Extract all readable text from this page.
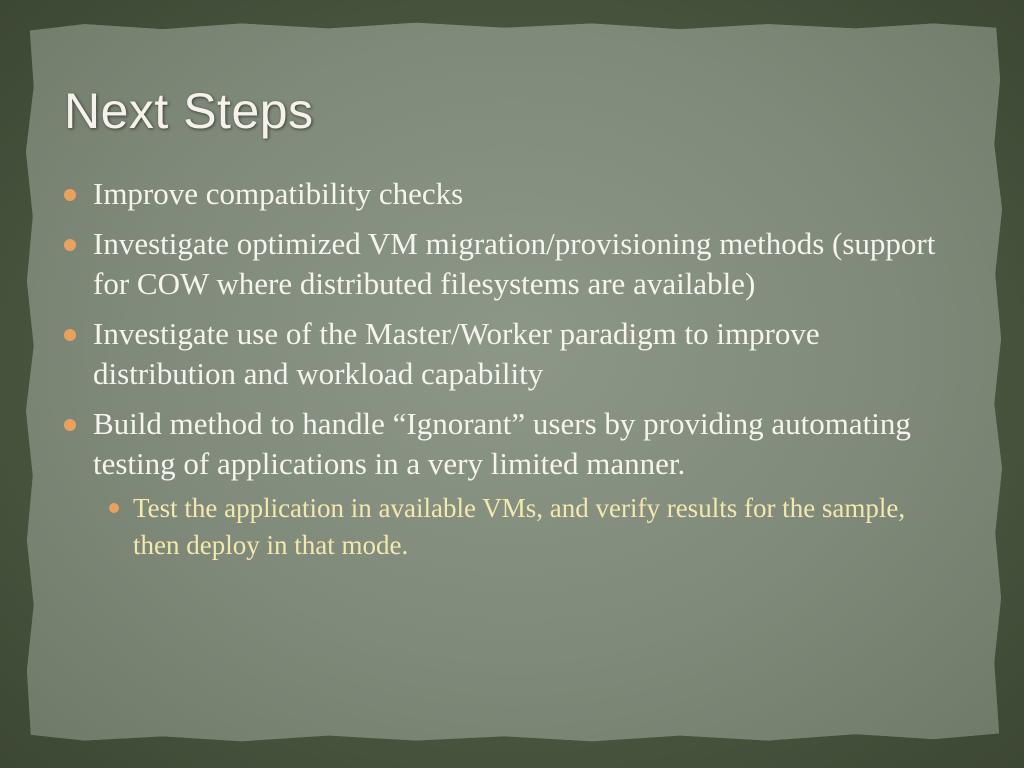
Next Steps
Improve compatibility checks
Investigate optimized VM migration/provisioning methods (support for COW where distributed filesystems are available)
Investigate use of the Master/Worker paradigm to improve distribution and workload capability
Build method to handle “Ignorant” users by providing automating testing of applications in a very limited manner.
Test the application in available VMs, and verify results for the sample, then deploy in that mode.
